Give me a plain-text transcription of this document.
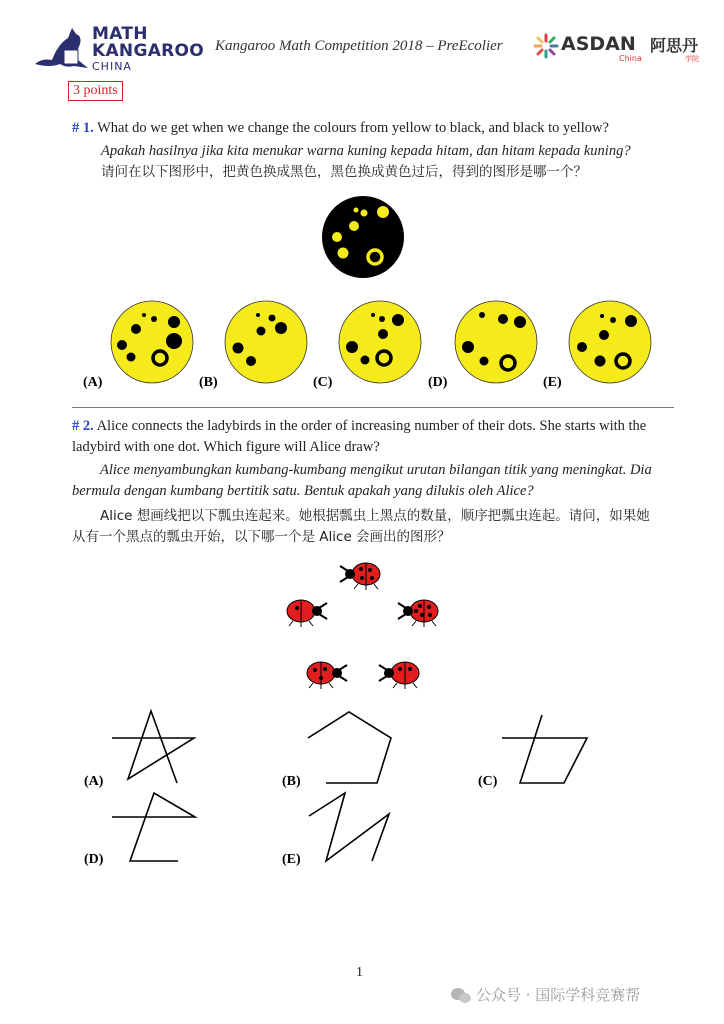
MATH
KANGAROO
CHINA
Kangaroo Math Competition 2018 – PreEcolier	ASDAN
China
阿思丹
学院
3 points
# 1. What do we get when we change the colours from yellow to black, and black to yellow?
Apakah hasilnya jika kita menukar warna kuning kepada hitam, dan hitam kepada kuning?
请问在以下图形中，把黄色换成黑色，黑色换成黄色过后，得到的图形是哪一个？
(A)	(B)	(C)	(D)	(E)
# 2. Alice connects the ladybirds in the order of increasing number of their dots. She starts with the ladybird with one dot. Which figure will Alice draw?
Alice menyambungkan kumbang-kumbang mengikut urutan bilangan titik yang meningkat. Dia bermula dengan kumbang bertitik satu. Bentuk apakah yang dilukis oleh Alice?
Alice 想画线把以下瓢虫连起来。她根据瓢虫上黑点的数量，顺序把瓢虫连起。请问，如果她从有一个黑点的瓢虫开始，以下哪一个是 Alice 会画出的图形？
(A)	(B)	(C)
(D)	(E)
1
公众号 · 国际学科竞赛帮
